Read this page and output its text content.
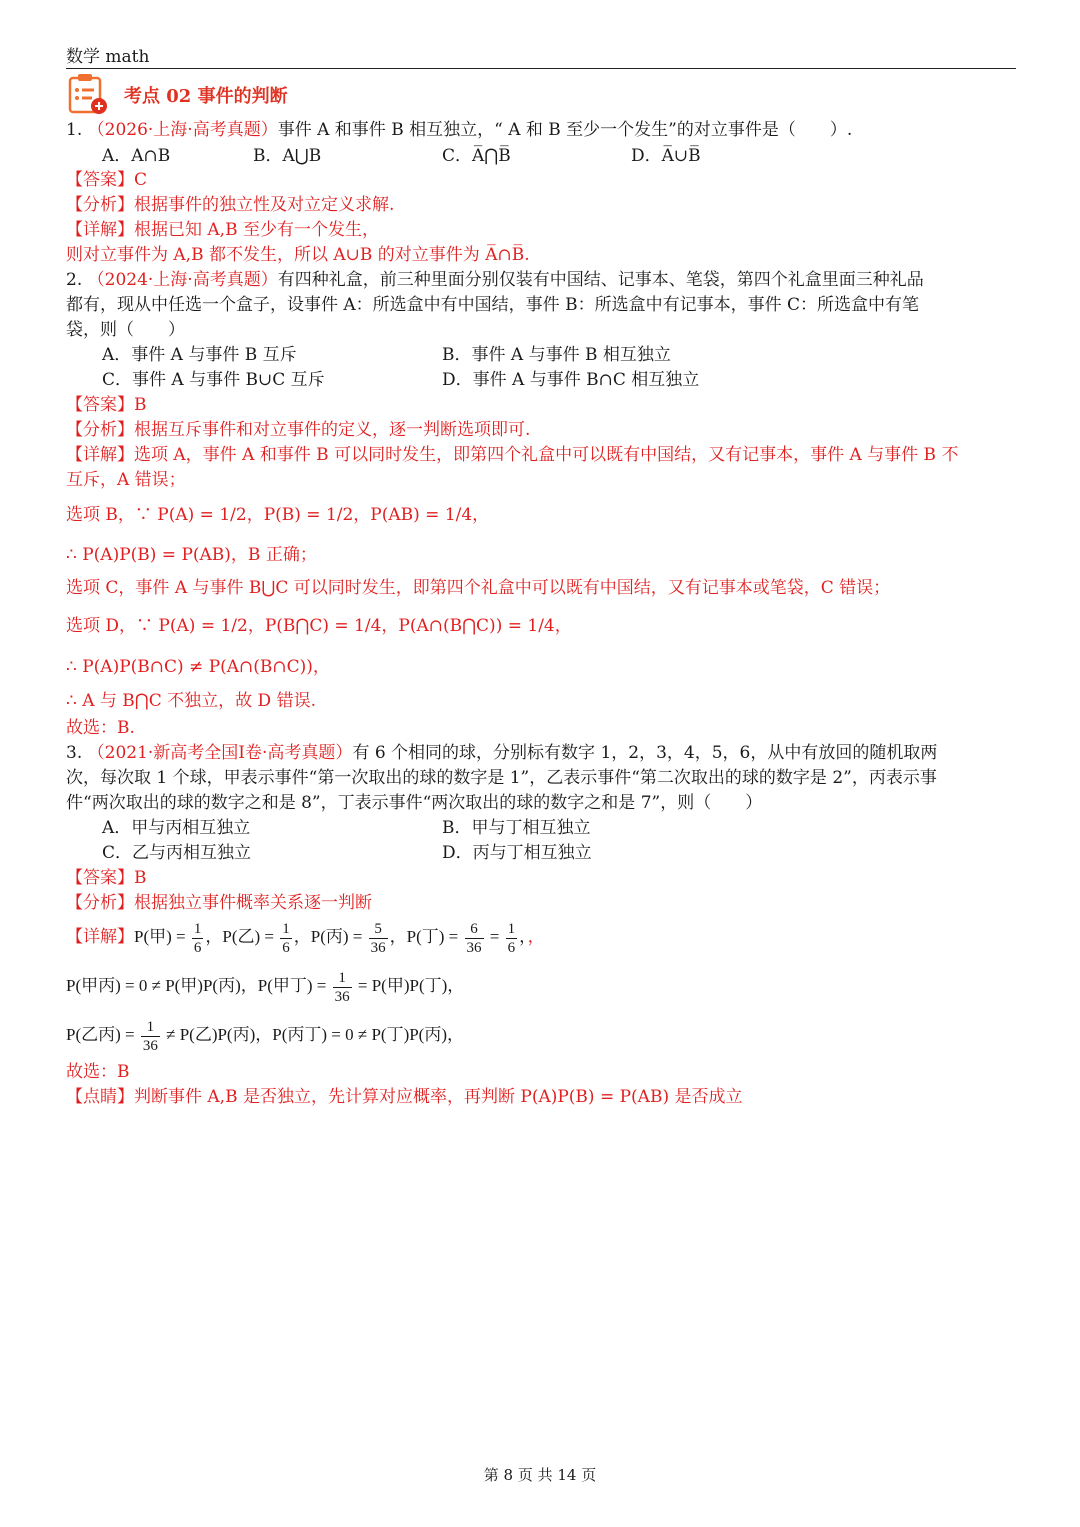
数学 math
考点 02 事件的判断
1. （2026·上海·高考真题）事件 A 和事件 B 相互独立，“ A 和 B 至少一个发生”的对立事件是（　　）.
A．A∩B	B．A⋃B	C．A̅⋂B̅	D．A̅∪B̅
【答案】C
【分析】根据事件的独立性及对立定义求解.
【详解】根据已知 A,B 至少有一个发生，
则对立事件为 A,B 都不发生，所以 A∪B 的对立事件为 A̅∩B̅.
2. （2024·上海·高考真题）有四种礼盒，前三种里面分别仅装有中国结、记事本、笔袋，第四个礼盒里面三种礼品
都有，现从中任选一个盒子，设事件 A：所选盒中有中国结，事件 B：所选盒中有记事本，事件 C：所选盒中有笔
袋，则（　　）
A．事件 A 与事件 B 互斥	B．事件 A 与事件 B 相互独立
C．事件 A 与事件 B∪C 互斥	D．事件 A 与事件 B∩C 相互独立
【答案】B
【分析】根据互斥事件和对立事件的定义，逐一判断选项即可.
【详解】选项 A，事件 A 和事件 B 可以同时发生，即第四个礼盒中可以既有中国结，又有记事本，事件 A 与事件 B 不
互斥，A 错误；
选项 B，∵ P(A) = 1/2，P(B) = 1/2，P(AB) = 1/4，
∴ P(A)P(B) = P(AB)，B 正确；
选项 C，事件 A 与事件 B⋃C 可以同时发生，即第四个礼盒中可以既有中国结，又有记事本或笔袋，C 错误；
选项 D，∵ P(A) = 1/2，P(B⋂C) = 1/4，P(A∩(B⋂C)) = 1/4，
∴ P(A)P(B∩C) ≠ P(A∩(B∩C))，
∴ A 与 B⋂C 不独立，故 D 错误.
故选：B.
3. （2021·新高考全国Ⅰ卷·高考真题）有 6 个相同的球，分别标有数字 1，2，3，4，5，6，从中有放回的随机取两
次，每次取 1 个球，甲表示事件“第一次取出的球的数字是 1”，乙表示事件“第二次取出的球的数字是 2”，丙表示事
件“两次取出的球的数字之和是 8”，丁表示事件“两次取出的球的数字之和是 7”，则（　　）
A．甲与丙相互独立	B．甲与丁相互独立
C．乙与丙相互独立	D．丙与丁相互独立
【答案】B
【分析】根据独立事件概率关系逐一判断
【详解】P(甲) = $\frac{1}{6}$ ，P(乙) = $\frac{1}{6}$ ，P(丙) = $\frac{5}{36}$ ，P(丁) = $\frac{6}{36} = \frac{1}{6}$ ，，
P(甲丙) = 0 ≠ P(甲)P(丙)，P(甲丁) = $\frac{1}{36} = P$(甲)P(丁)，
P(乙丙) = $\frac{1}{36} \ne P$(乙)P(丙)，P(丙丁) = 0 ≠ P(丁)P(丙)，
故选：B
【点睛】判断事件 A,B 是否独立，先计算对应概率，再判断 P(A)P(B) = P(AB) 是否成立
第 8 页 共 14 页
